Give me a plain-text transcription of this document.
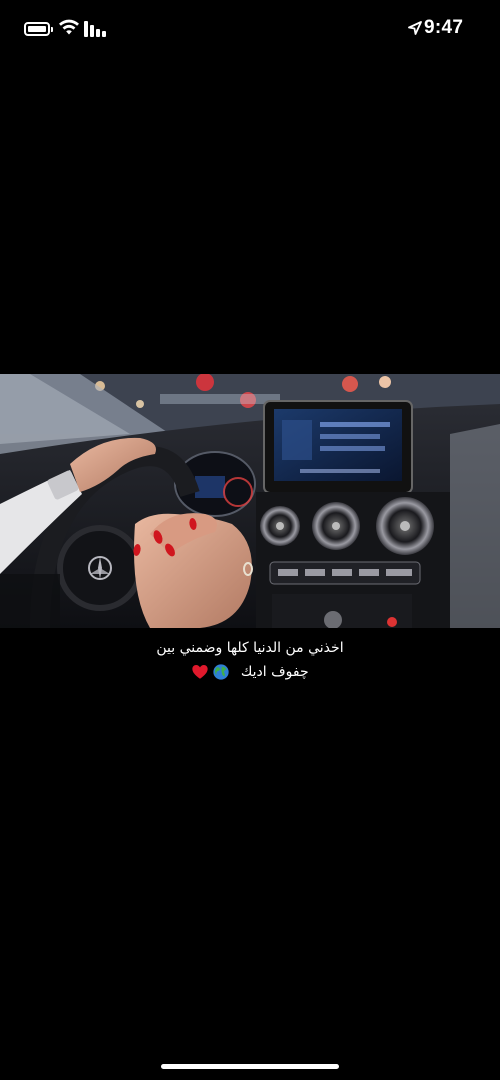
9:47
اخذني من الدنيا كلها وضمني بين
چفوف اديك
